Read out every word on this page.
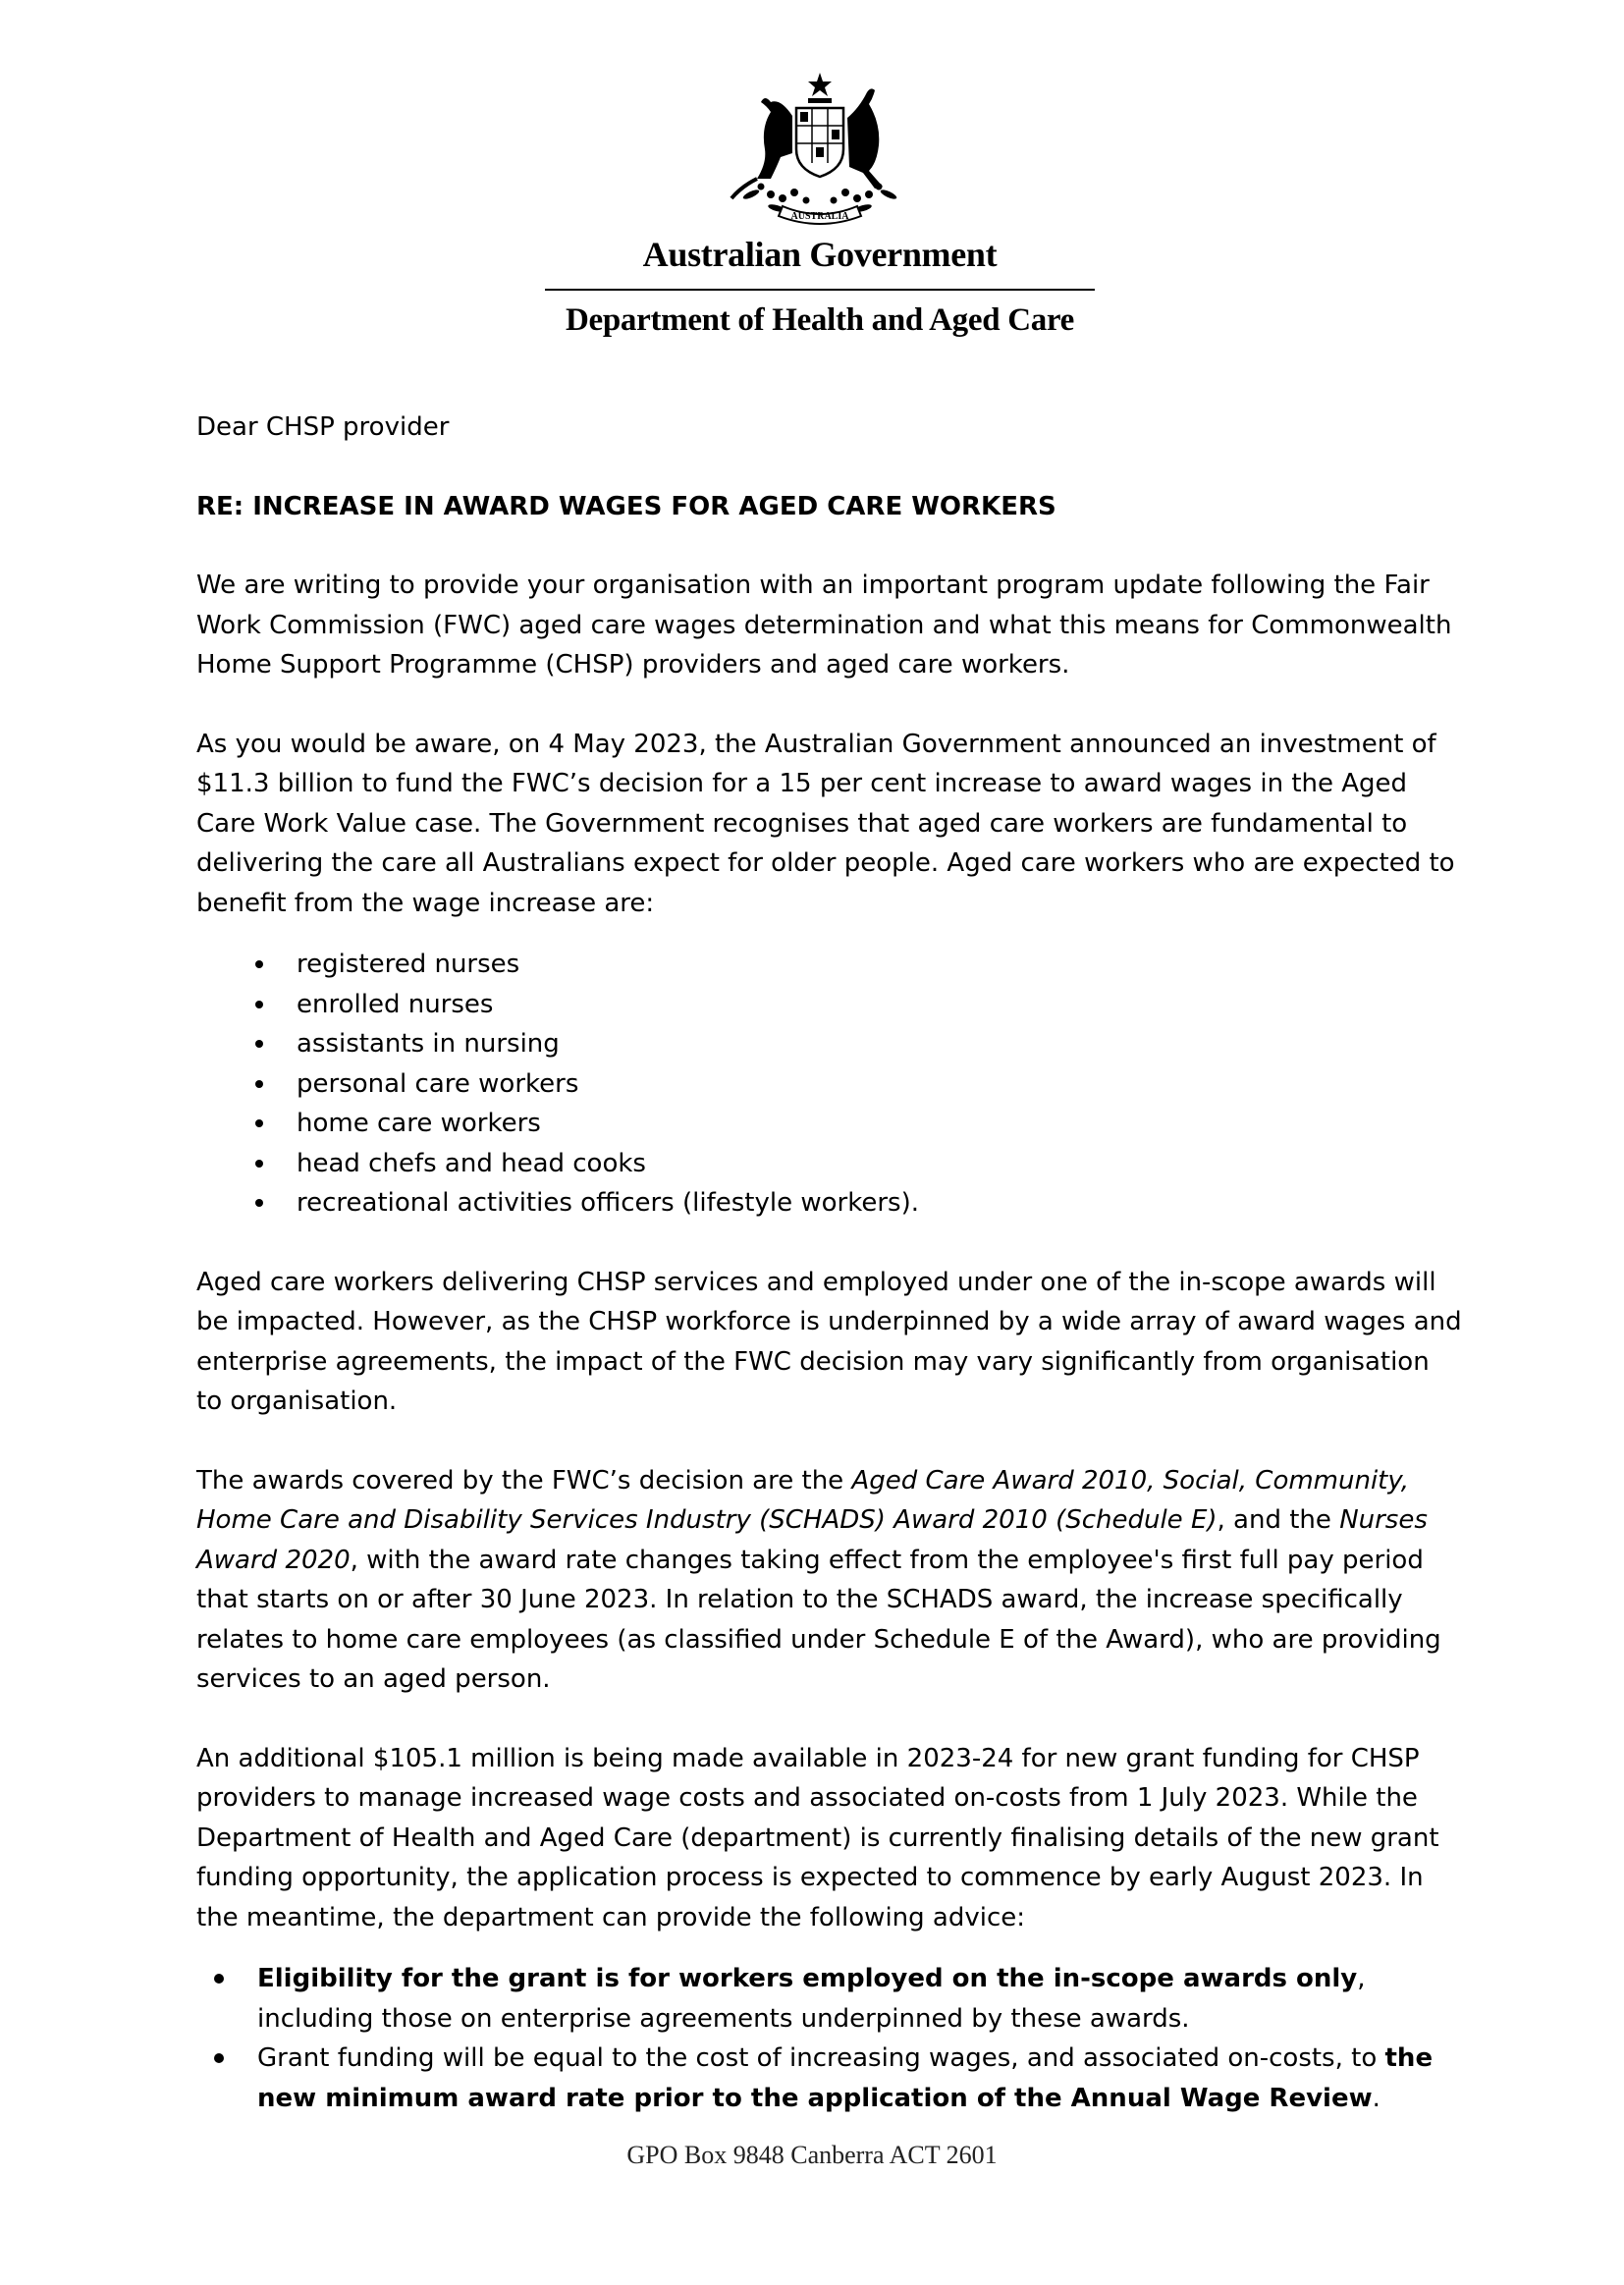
AUSTRALIA
Australian Government
Department of Health and Aged Care

Dear CHSP provider

RE: INCREASE IN AWARD WAGES FOR AGED CARE WORKERS

We are writing to provide your organisation with an important program update following the Fair Work Commission (FWC) aged care wages determination and what this means for Commonwealth Home Support Programme (CHSP) providers and aged care workers.

As you would be aware, on 4 May 2023, the Australian Government announced an investment of $11.3 billion to fund the FWC’s decision for a 15 per cent increase to award wages in the Aged Care Work Value case. The Government recognises that aged care workers are fundamental to delivering the care all Australians expect for older people. Aged care workers who are expected to benefit from the wage increase are:

registered nurses
enrolled nurses
assistants in nursing
personal care workers
home care workers
head chefs and head cooks
recreational activities officers (lifestyle workers).

Aged care workers delivering CHSP services and employed under one of the in-scope awards will be impacted. However, as the CHSP workforce is underpinned by a wide array of award wages and enterprise agreements, the impact of the FWC decision may vary significantly from organisation to organisation.

The awards covered by the FWC’s decision are the Aged Care Award 2010, Social, Community, Home Care and Disability Services Industry (SCHADS) Award 2010 (Schedule E), and the Nurses Award 2020, with the award rate changes taking effect from the employee's first full pay period that starts on or after 30 June 2023. In relation to the SCHADS award, the increase specifically relates to home care employees (as classified under Schedule E of the Award), who are providing services to an aged person.

An additional $105.1 million is being made available in 2023-24 for new grant funding for CHSP providers to manage increased wage costs and associated on-costs from 1 July 2023. While the Department of Health and Aged Care (department) is currently finalising details of the new grant funding opportunity, the application process is expected to commence by early August 2023. In the meantime, the department can provide the following advice:

Eligibility for the grant is for workers employed on the in-scope awards only, including those on enterprise agreements underpinned by these awards.
Grant funding will be equal to the cost of increasing wages, and associated on-costs, to the new minimum award rate prior to the application of the Annual Wage Review.
GPO Box 9848 Canberra ACT 2601
